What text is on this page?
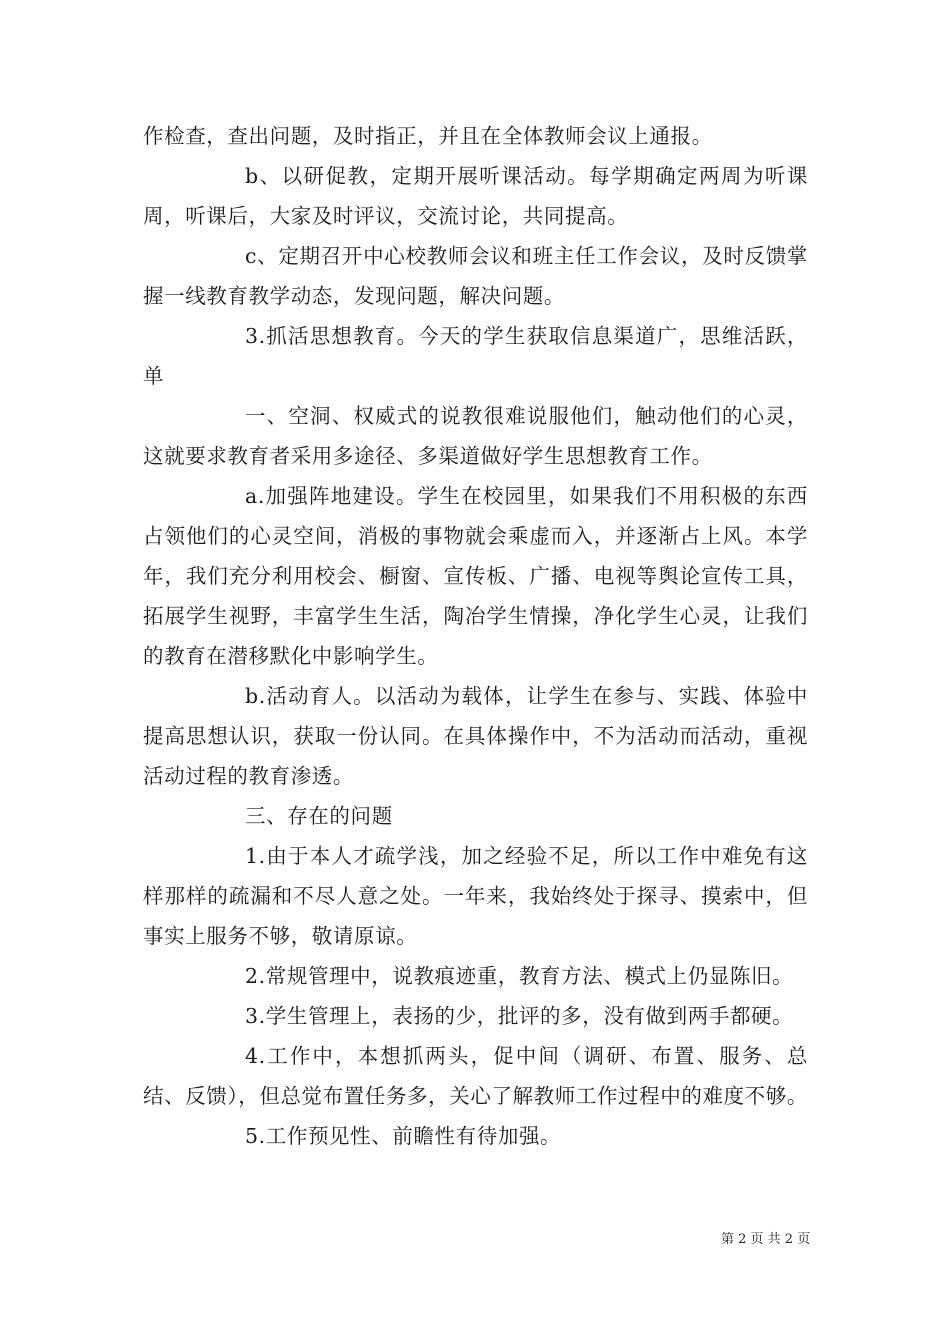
作检查，查出问题，及时指正，并且在全体教师会议上通报。

b、以研促教，定期开展听课活动。每学期确定两周为听课周，听课后，大家及时评议，交流讨论，共同提高。

c、定期召开中心校教师会议和班主任工作会议，及时反馈掌握一线教育教学动态，发现问题，解决问题。

3.抓活思想教育。今天的学生获取信息渠道广，思维活跃，单

一、空洞、权威式的说教很难说服他们，触动他们的心灵，这就要求教育者采用多途径、多渠道做好学生思想教育工作。

a.加强阵地建设。学生在校园里，如果我们不用积极的东西占领他们的心灵空间，消极的事物就会乘虚而入，并逐渐占上风。本学年，我们充分利用校会、橱窗、宣传板、广播、电视等舆论宣传工具，拓展学生视野，丰富学生生活，陶冶学生情操，净化学生心灵，让我们的教育在潜移默化中影响学生。

b.活动育人。以活动为载体，让学生在参与、实践、体验中提高思想认识，获取一份认同。在具体操作中，不为活动而活动，重视活动过程的教育渗透。

三、存在的问题

1.由于本人才疏学浅，加之经验不足，所以工作中难免有这样那样的疏漏和不尽人意之处。一年来，我始终处于探寻、摸索中，但事实上服务不够，敬请原谅。

2.常规管理中，说教痕迹重，教育方法、模式上仍显陈旧。

3.学生管理上，表扬的少，批评的多，没有做到两手都硬。

4.工作中，本想抓两头，促中间（调研、布置、服务、总结、反馈），但总觉布置任务多，关心了解教师工作过程中的难度不够。

5.工作预见性、前瞻性有待加强。

第 2 页 共 2 页
